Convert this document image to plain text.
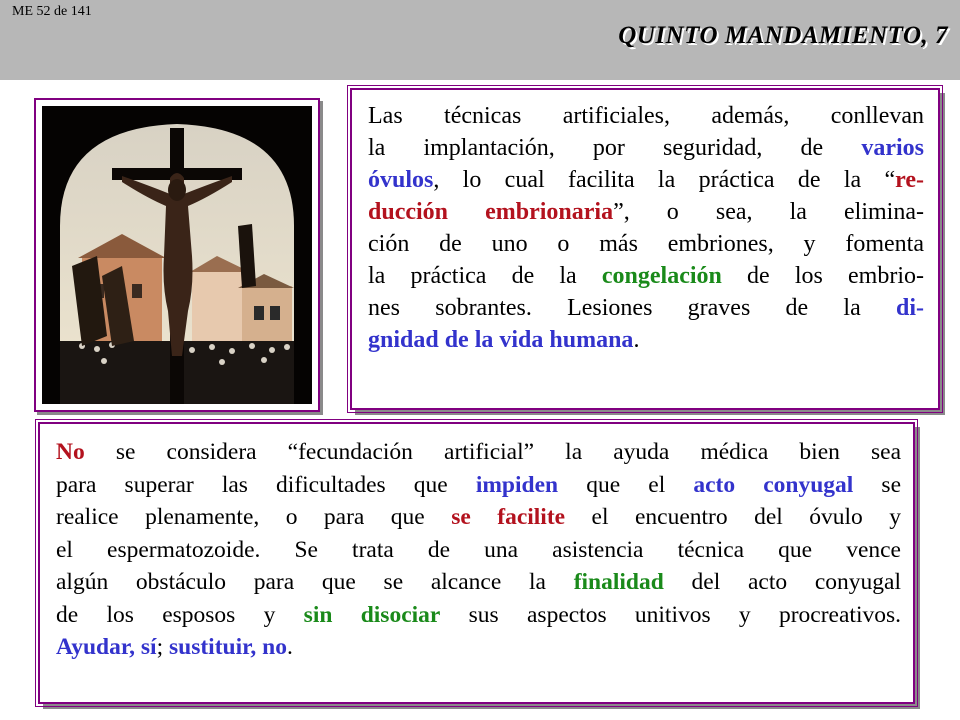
ME 52 de 141
QUINTO MANDAMIENTO, 7
Las técnicas artificiales, además, conllevan
la implantación, por seguridad, de varios
óvulos, lo cual facilita la práctica de la “re-
ducción embrionaria”, o sea, la elimina-
ción de uno o más embriones, y fomenta
la práctica de la congelación de los embrio-
nes sobrantes. Lesiones graves de la di-
gnidad de la vida humana.
No se considera “fecundación artificial” la ayuda médica bien sea
para superar las dificultades que impiden que el acto conyugal se
realice plenamente, o para que se facilite el encuentro del óvulo y
el espermatozoide. Se trata de una asistencia técnica que vence
algún obstáculo para que se alcance la finalidad del acto conyugal
de los esposos y sin disociar sus aspectos unitivos y procreativos.
Ayudar, sí; sustituir, no.
